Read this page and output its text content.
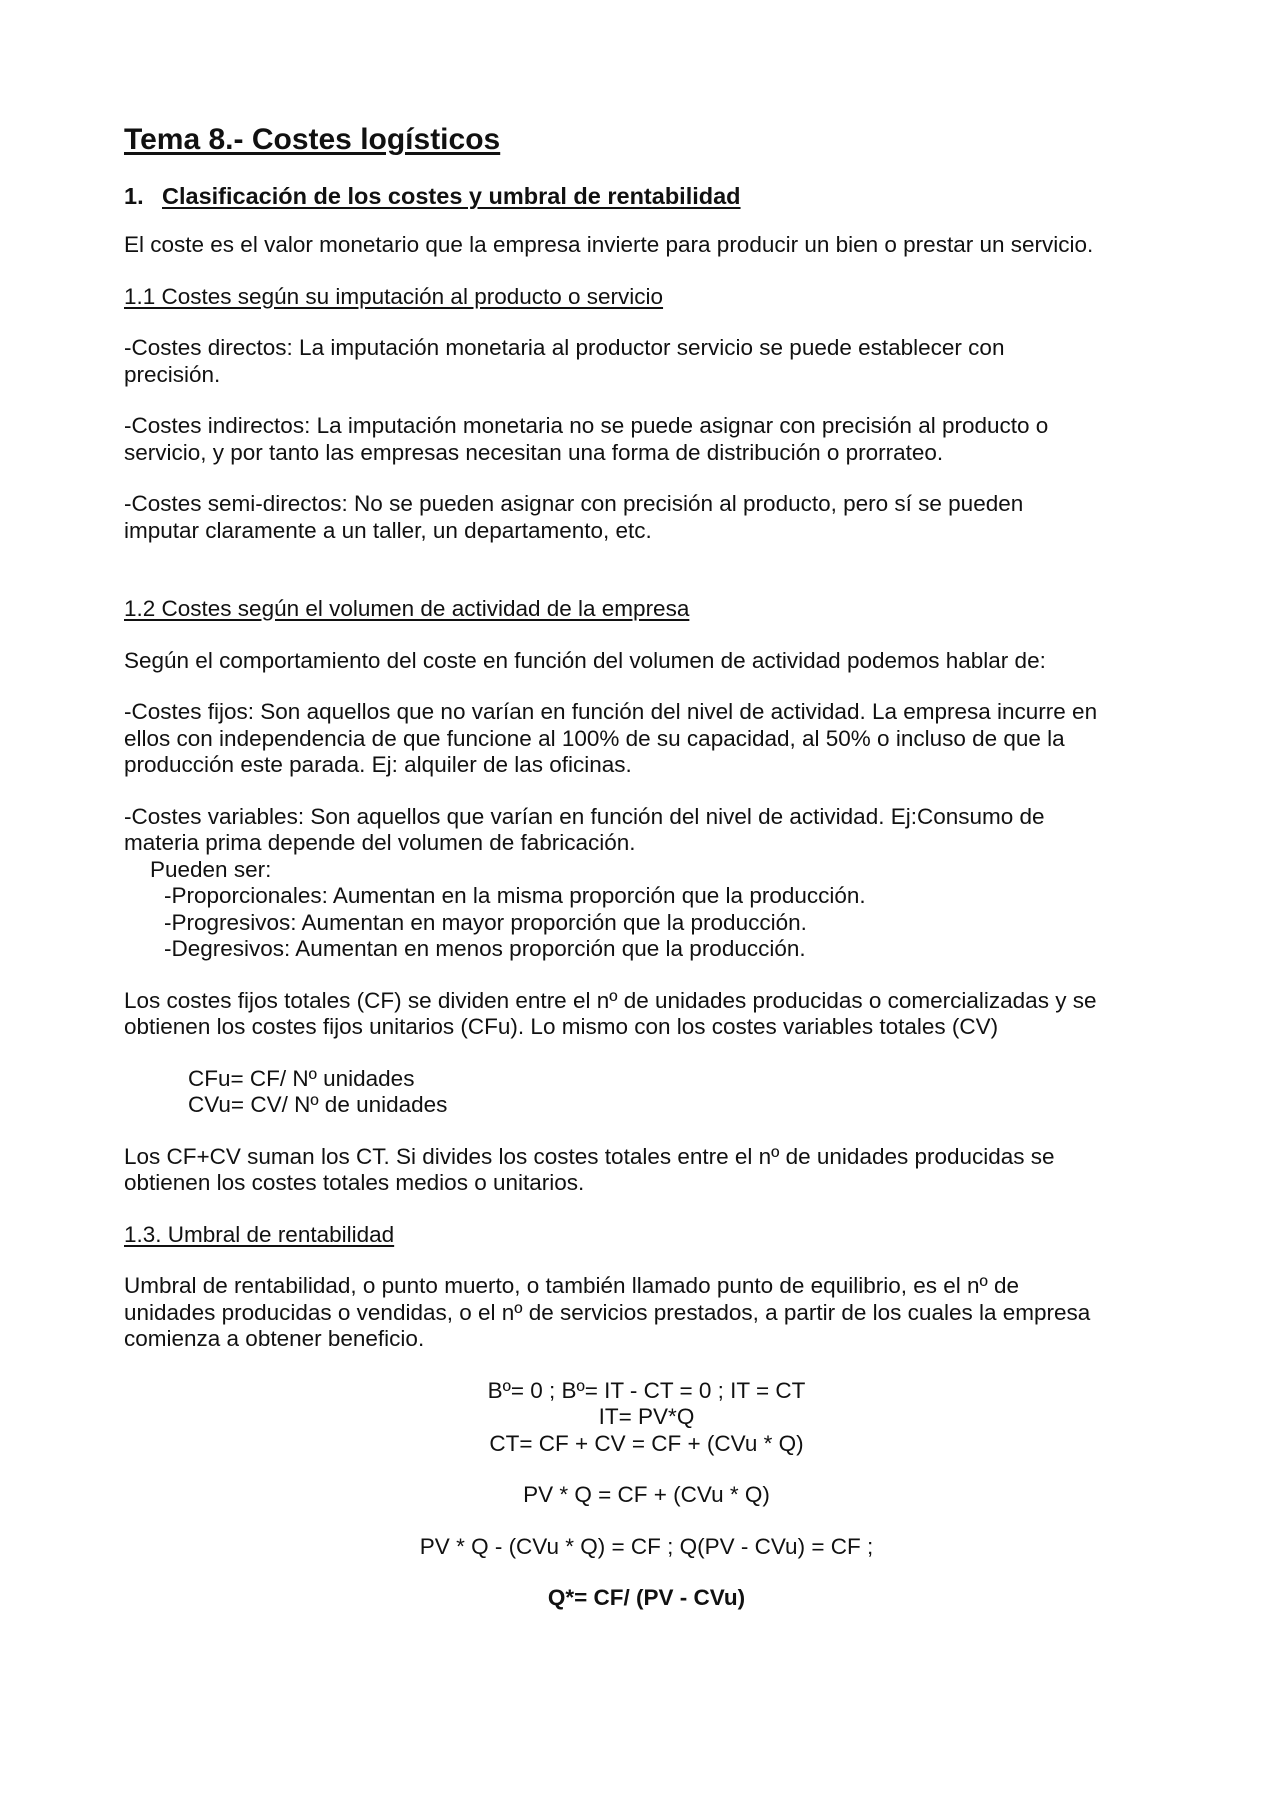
Tema 8.- Costes logísticos
1. Clasificación de los costes y umbral de rentabilidad

El coste es el valor monetario que la empresa invierte para producir un bien o prestar un servicio.

1.1 Costes según su imputación al producto o servicio

-Costes directos: La imputación monetaria al productor servicio se puede establecer con
precisión.

-Costes indirectos: La imputación monetaria no se puede asignar con precisión al producto o
servicio, y por tanto las empresas necesitan una forma de distribución o prorrateo.

-Costes semi-directos: No se pueden asignar con precisión al producto, pero sí se pueden
imputar claramente a un taller, un departamento, etc.

1.2 Costes según el volumen de actividad de la empresa

Según el comportamiento del coste en función del volumen de actividad podemos hablar de:

-Costes fijos: Son aquellos que no varían en función del nivel de actividad. La empresa incurre en
ellos con independencia de que funcione al 100% de su capacidad, al 50% o incluso de que la
producción este parada. Ej: alquiler de las oficinas.

-Costes variables: Son aquellos que varían en función del nivel de actividad. Ej:Consumo de
materia prima depende del volumen de fabricación.
Pueden ser:
-Proporcionales: Aumentan en la misma proporción que la producción.
-Progresivos: Aumentan en mayor proporción que la producción.
-Degresivos: Aumentan en menos proporción que la producción.

Los costes fijos totales (CF) se dividen entre el nº de unidades producidas o comercializadas y se
obtienen los costes fijos unitarios (CFu). Lo mismo con los costes variables totales (CV)

CFu= CF/ Nº unidades
CVu= CV/ Nº de unidades

Los CF+CV suman los CT. Si divides los costes totales entre el nº de unidades producidas se
obtienen los costes totales medios o unitarios.

1.3. Umbral de rentabilidad

Umbral de rentabilidad, o punto muerto, o también llamado punto de equilibrio, es el nº de
unidades producidas o vendidas, o el nº de servicios prestados, a partir de los cuales la empresa
comienza a obtener beneficio.

Bº= 0 ; Bº= IT - CT = 0 ; IT = CT
IT= PV*Q
CT= CF + CV = CF + (CVu * Q)
PV * Q = CF + (CVu * Q)
PV * Q - (CVu * Q) = CF ; Q(PV - CVu) = CF ;
Q*= CF/ (PV - CVu)
